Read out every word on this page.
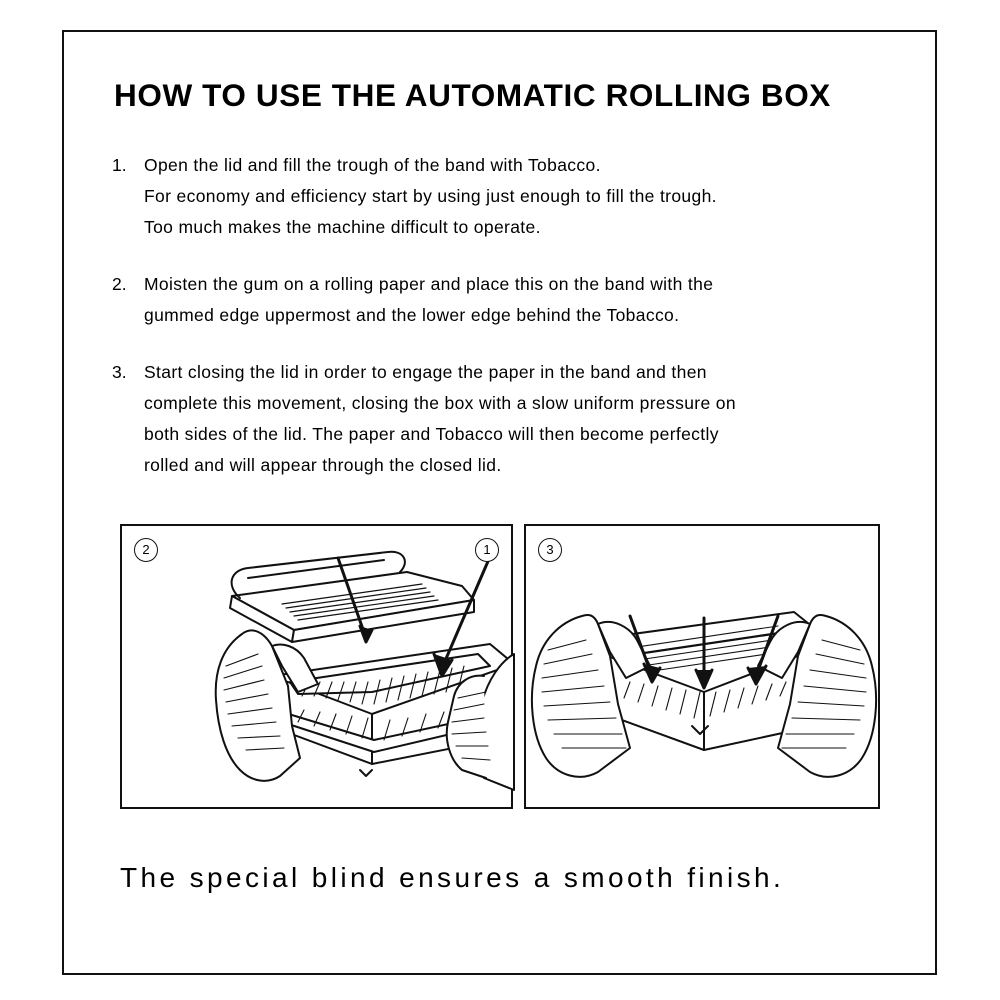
HOW TO USE THE AUTOMATIC ROLLING BOX
1. Open the lid and fill the trough of the band with Tobacco.
For economy and efficiency start by using just enough to fill the trough.
Too much makes the machine difficult to operate.
2. Moisten the gum on a rolling paper and place this on the band with the
gummed edge uppermost and the lower edge behind the Tobacco.
3. Start closing the lid in order to engage the paper in the band and then
complete this movement, closing the box with a slow uniform pressure on
both sides of the lid. The paper and Tobacco will then become perfectly
rolled and will appear through the closed lid.
2	1	3
The special blind ensures a smooth finish.
